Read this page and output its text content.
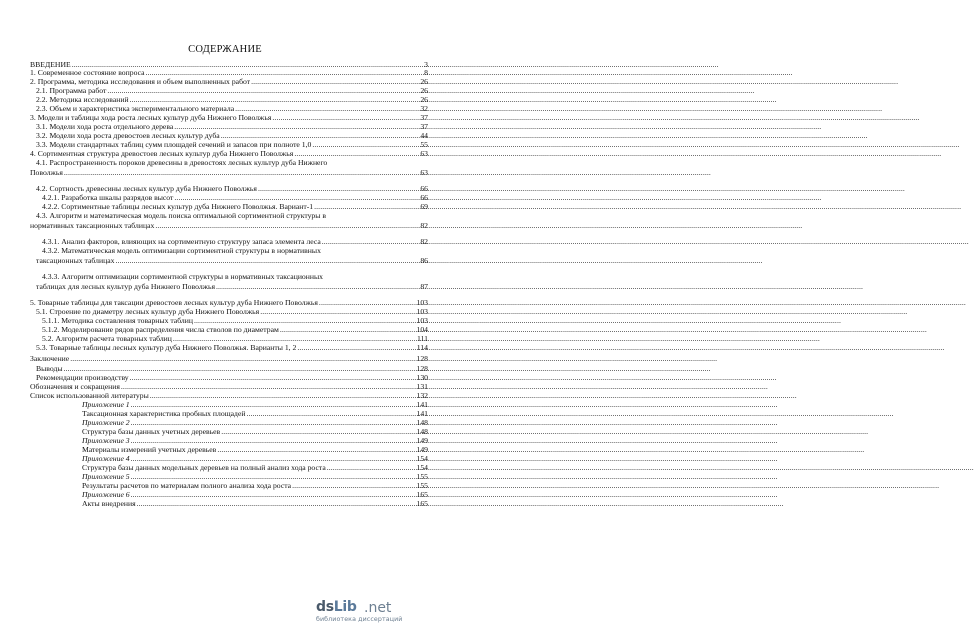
СОДЕРЖАНИЕ
ВВЕДЕНИЕ .....	3
1. Современное состояние вопроса .....	8
2. Программа, методика исследования и объем выполненных работ .....	26
2.1. Программа работ .....	26
2.2. Методика исследований .....	26
2.3. Объем и характеристика экспериментального материала .....	32
3. Модели и таблицы хода роста лесных культур дуба Нижнего Поволжья .....	37
3.1. Модели хода роста отдельного дерева .....	37
3.2. Модели хода роста древостоев лесных культур дуба .....	44
3.3. Модели стандартных таблиц сумм площадей сечений и запасов при полноте 1,0 .....	55
4. Сортиментная структура древостоев лесных культур дуба Нижнего Поволжья .....	63
4.1. Распространенность пороков древесины в древостоях лесных культур дуба Нижнего
Поволжья .....	63
4.2. Сортность древесины лесных культур дуба Нижнего Поволжья .....	66
4.2.1. Разработка шкалы разрядов высот .....	66
4.2.2. Сортиментные таблицы лесных культур дуба Нижнего Поволжья. Вариант-1 .....	69
4.3. Алгоритм и математическая модель поиска оптимальной сортиментной структуры в
нормативных таксационных таблицах .....	82
4.3.1. Анализ факторов, влияющих на сортиментную структуру запаса элемента леса .....	82
4.3.2. Математическая модель оптимизации сортиментной структуры в нормативных
таксационных таблицах .....	86
4.3.3. Алгоритм оптимизации сортиментной структуры в нормативных таксационных
таблицах для лесных культур дуба Нижнего Поволжья .....	87
5. Товарные таблицы для таксации древостоев лесных культур дуба Нижнего Поволжья .....	103
5.1. Строение по диаметру лесных культур дуба Нижнего Поволжья .....	103
5.1.1. Методика составления товарных таблиц .....	103
5.1.2. Моделирование рядов распределения числа стволов по диаметрам .....	104
5.2. Алгоритм расчета товарных таблиц .....	111
5.3. Товарные таблицы лесных культур дуба Нижнего Поволжья. Варианты 1, 2 .....	114
Заключение .....	128
Выводы .....	128
Рекомендации производству .....	130
Обозначения и сокращения .....	131
Список использованной литературы .....	132
Приложение 1 .....	141
Таксационная характеристика пробных площадей .....	141
Приложение 2 .....	148
Структура базы данных учетных деревьев .....	148
Приложение 3 .....	149
Материалы измерений учетных деревьев .....	149
Приложение 4 .....	154
Структура базы данных модельных деревьев на полный анализ хода роста .....	154
Приложение 5 .....	155
Результаты расчетов по материалам полного анализа хода роста .....	155
Приложение 6 .....	165
Акты внедрения .....	165
dsLib .net
библиотека диссертаций
